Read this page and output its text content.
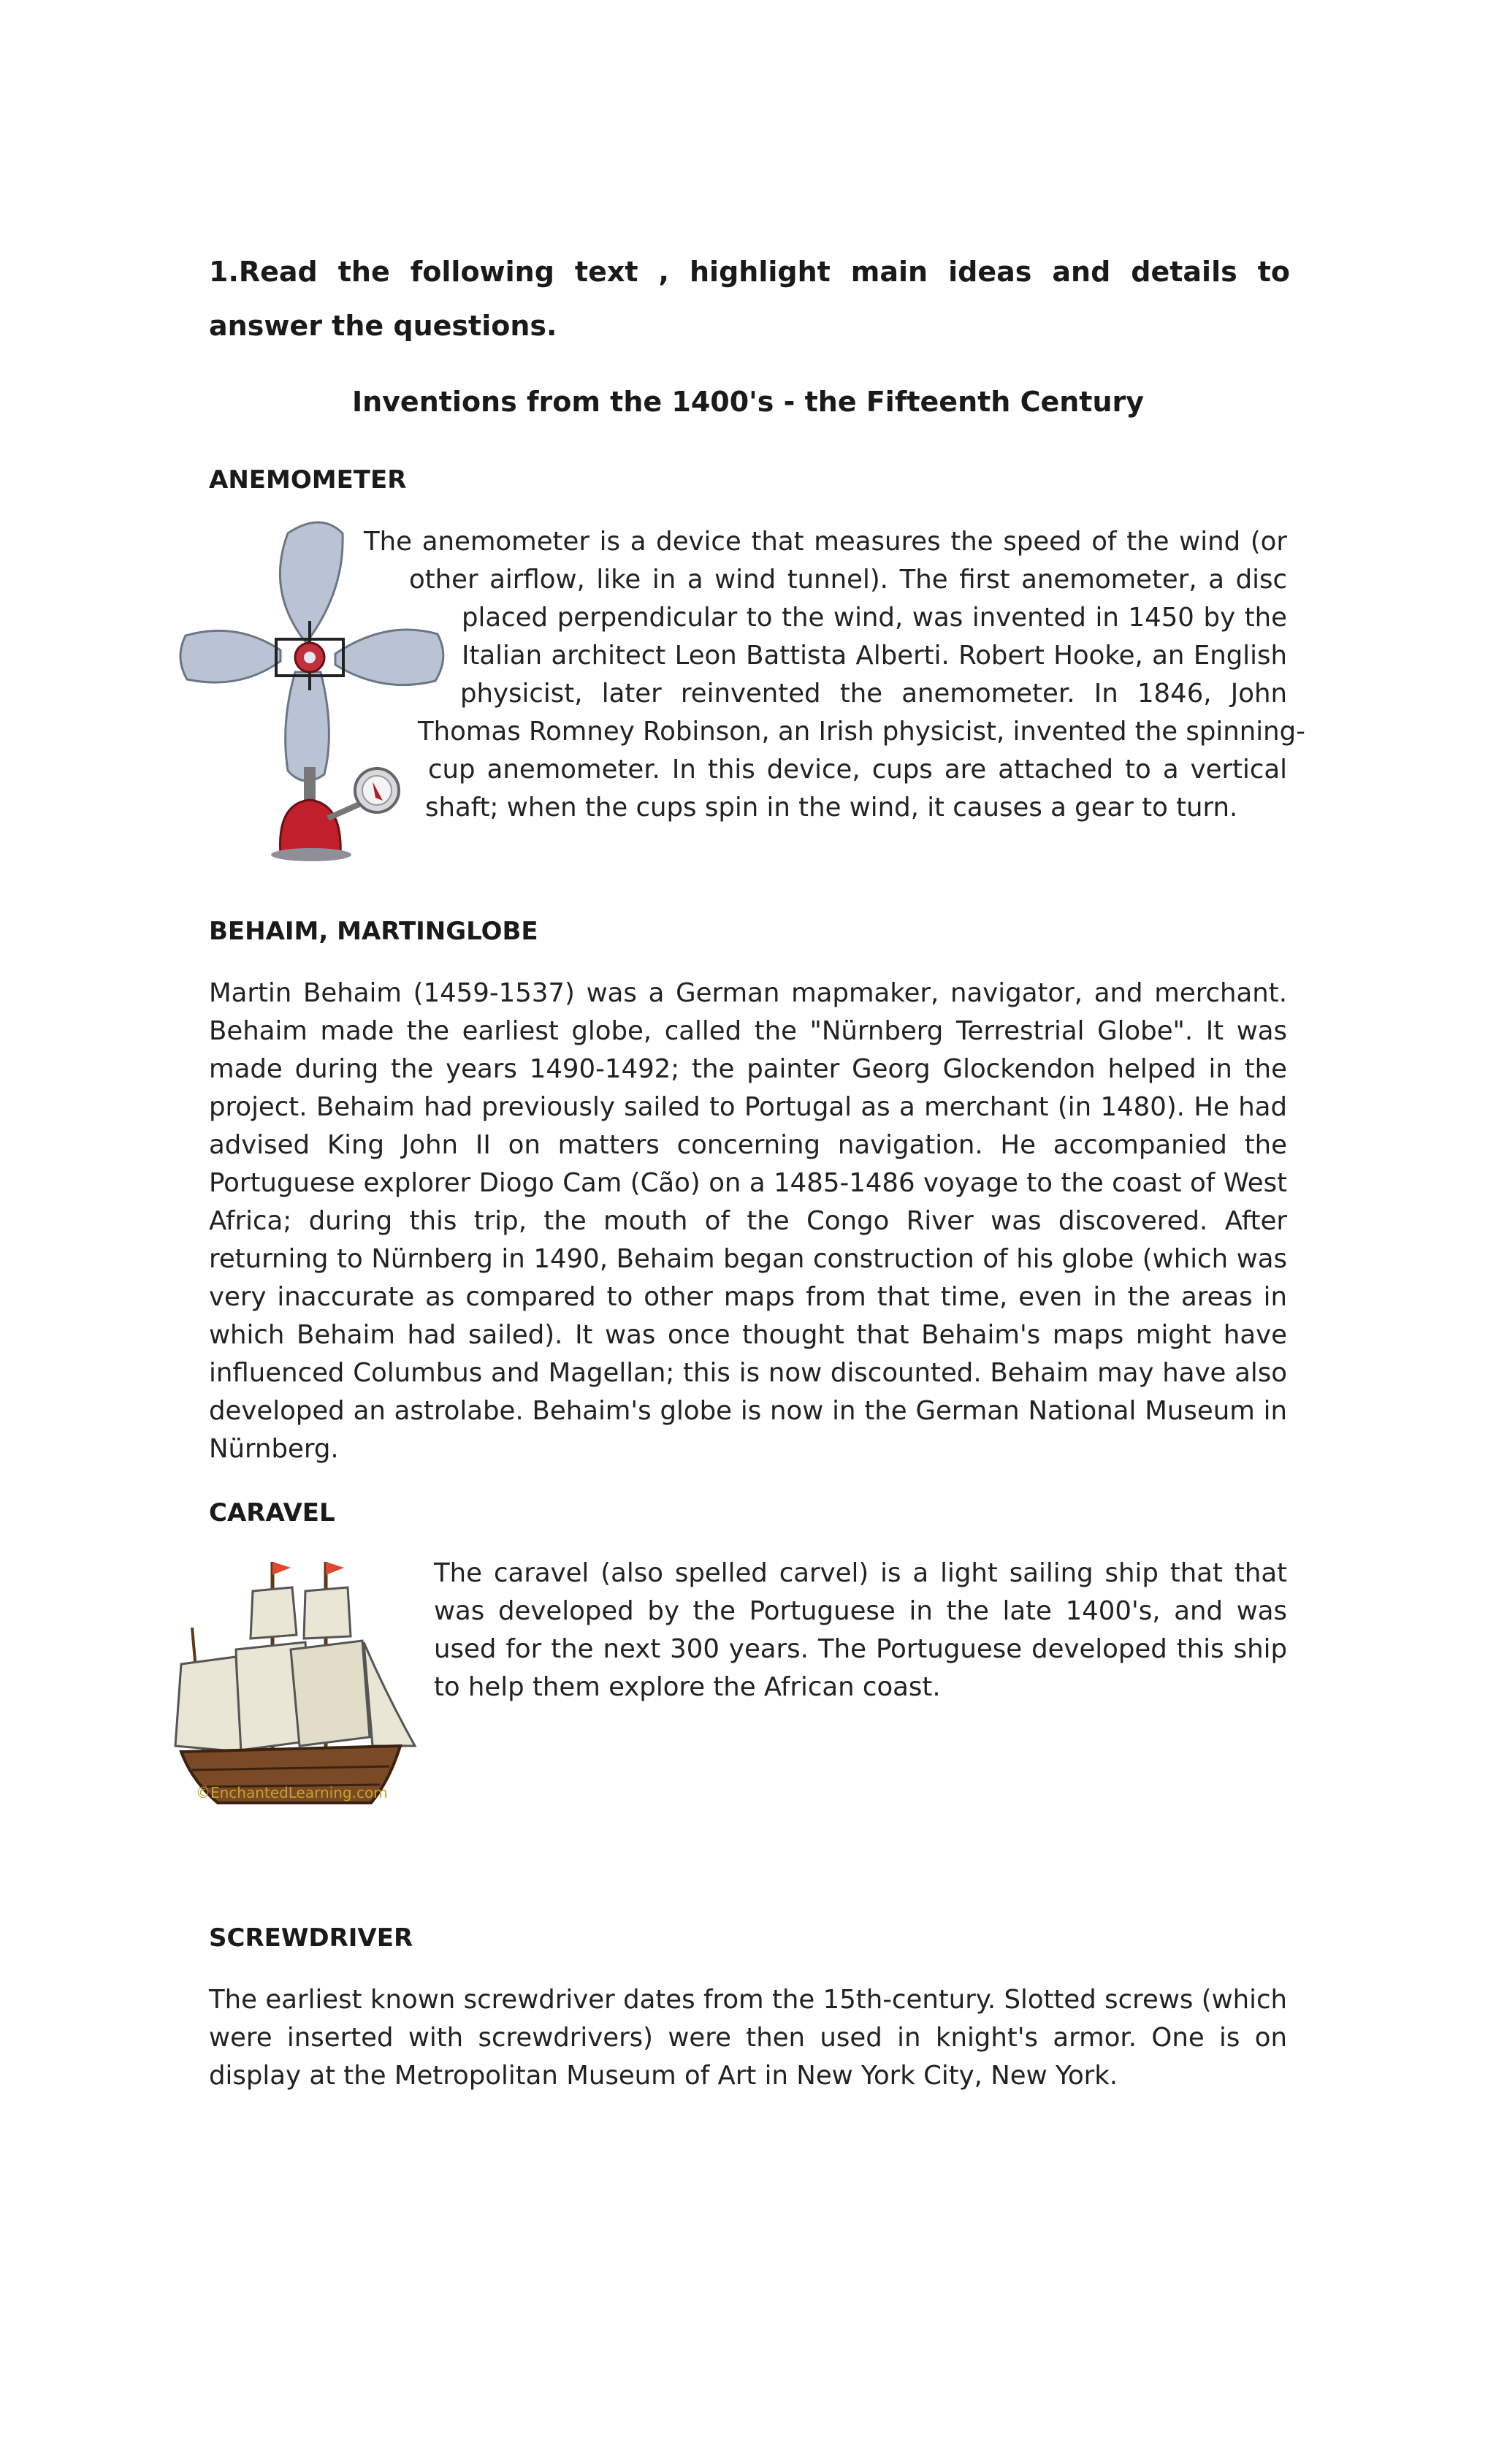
1.Read the following text , highlight main ideas and details to answer the questions.

Inventions from the 1400's - the Fifteenth Century

ANEMOMETER

The anemometer is a device that measures the speed of the wind (or
other airflow, like in a wind tunnel). The first anemometer, a disc
placed perpendicular to the wind, was invented in 1450 by the
Italian architect Leon Battista Alberti. Robert Hooke, an English
physicist, later reinvented the anemometer. In 1846, John
Thomas Romney Robinson, an Irish physicist, invented the spinning-
cup anemometer. In this device, cups are attached to a vertical
shaft; when the cups spin in the wind, it causes a gear to turn.

BEHAIM, MARTINGLOBE

Martin Behaim (1459-1537) was a German mapmaker, navigator, and merchant. Behaim made the earliest globe, called the "Nürnberg Terrestrial Globe". It was made during the years 1490-1492; the painter Georg Glockendon helped in the project. Behaim had previously sailed to Portugal as a merchant (in 1480). He had advised King John II on matters concerning navigation. He accompanied the Portuguese explorer Diogo Cam (Cão) on a 1485-1486 voyage to the coast of West Africa; during this trip, the mouth of the Congo River was discovered. After returning to Nürnberg in 1490, Behaim began construction of his globe (which was very inaccurate as compared to other maps from that time, even in the areas in which Behaim had sailed). It was once thought that Behaim's maps might have influenced Columbus and Magellan; this is now discounted. Behaim may have also developed an astrolabe. Behaim's globe is now in the German National Museum in Nürnberg.

CARAVEL

©EnchantedLearning.com

The caravel (also spelled carvel) is a light sailing ship that that was developed by the Portuguese in the late 1400's, and was used for the next 300 years. The Portuguese developed this ship to help them explore the African coast.

SCREWDRIVER

The earliest known screwdriver dates from the 15th-century. Slotted screws (which were inserted with screwdrivers) were then used in knight's armor. One is on display at the Metropolitan Museum of Art in New York City, New York.
